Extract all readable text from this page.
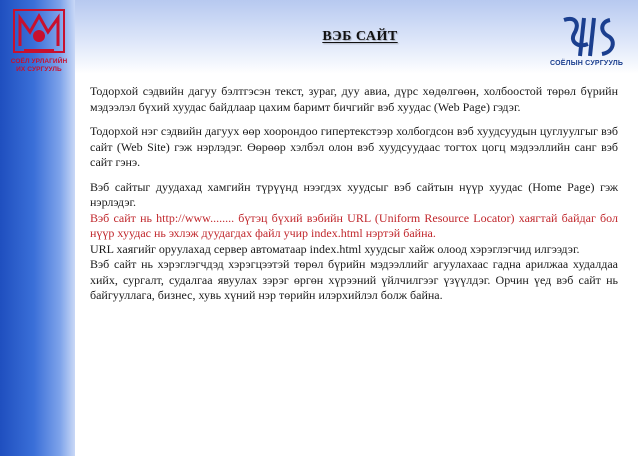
СОЁЛ УРЛАГИЙН
ИХ СУРГУУЛЬ
СОЁЛЫН СУРГУУЛЬ
ВЭБ САЙТ

Тодорхой сэдвийн дагуу бэлтгэсэн текст, зураг, дуу авиа, дүрс хөдөлгөөн, холбоостой төрөл бүрийн мэдээлэл бүхий хуудас байдлаар цахим баримт бичгийг вэб хуудас (Web Page) гэдэг.

Тодорхой нэг сэдвийн дагуух өөр хоорондоо гипертекстээр холбогдсон вэб хуудсуудын цуглуулгыг вэб сайт (Web Site) гэж нэрлэдэг. Өөрөөр хэлбэл олон вэб хуудсуудаас тогтох цогц мэдээллийн санг вэб сайт гэнэ.

Вэб сайтыг дуудахад хамгийн түрүүнд нээгдэх хуудсыг вэб сайтын нүүр хуудас (Home Page) гэж нэрлэдэг.

Вэб сайт нь http://www........ бүтэц бүхий вэбийн URL (Uniform Resource Locator) хаягтай байдаг бол нүүр хуудас нь эхлэж дуудагдах файл учир index.html нэртэй байна.

URL хаягийг оруулахад сервер автоматаар index.html хуудсыг хайж олоод хэрэглэгчид илгээдэг.

Вэб сайт нь хэрэглэгчдэд хэрэгцээтэй төрөл бүрийн мэдээллийг агуулахаас гадна арилжаа худалдаа хийх, сургалт, судалгаа явуулах зэрэг өргөн хүрээний үйлчилгээг үзүүлдэг. Орчин үед вэб сайт нь байгууллага, бизнес, хувь хүний нэр төрийн илэрхийлэл болж байна.
